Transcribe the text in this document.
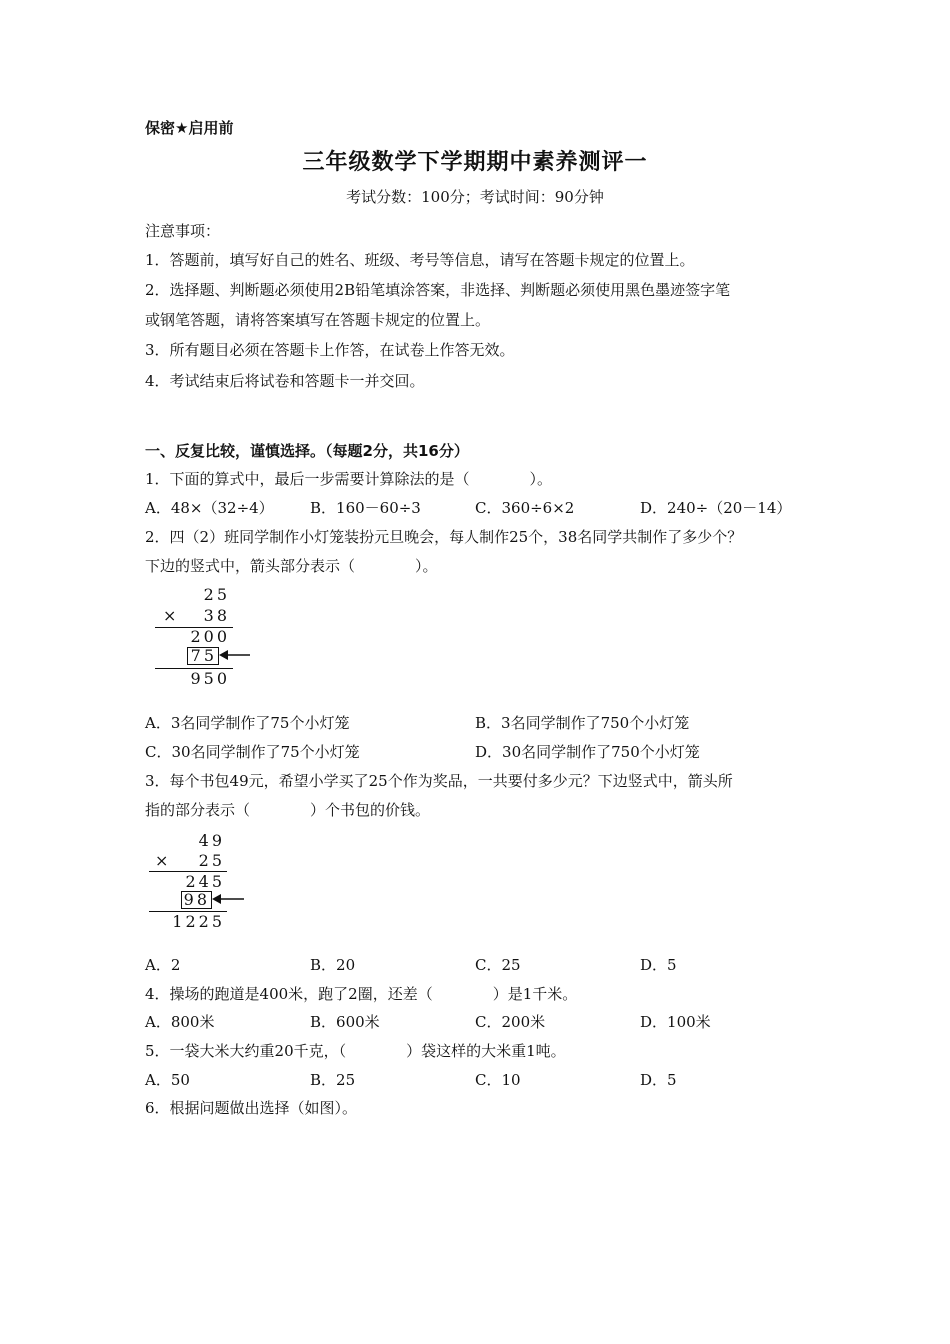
保密★启用前
三年级数学下学期期中素养测评一
考试分数：100分；考试时间：90分钟
注意事项：
1．答题前，填写好自己的姓名、班级、考号等信息，请写在答题卡规定的位置上。
2．选择题、判断题必须使用2B铅笔填涂答案，非选择、判断题必须使用黑色墨迹签字笔
或钢笔答题，请将答案填写在答题卡规定的位置上。
3．所有题目必须在答题卡上作答，在试卷上作答无效。
4．考试结束后将试卷和答题卡一并交回。
一、反复比较，谨慎选择。（每题2分，共16分）
1．下面的算式中，最后一步需要计算除法的是（　　　　）。
A．48×（32÷4） B．160－60÷3	C．360÷6×2	D．240÷（20－14）
2．四（2）班同学制作小灯笼装扮元旦晚会，每人制作25个，38名同学共制作了多少个？
下边的竖式中，箭头部分表示（　　　　）。
25
× 38
200
75
950
A．3名同学制作了75个小灯笼	B．3名同学制作了750个小灯笼
C．30名同学制作了75个小灯笼	D．30名同学制作了750个小灯笼
3．每个书包49元，希望小学买了25个作为奖品，一共要付多少元？下边竖式中，箭头所
指的部分表示（　　　　）个书包的价钱。
49
× 25
245
98
1225
A．2	B．20	C．25	D．5
4．操场的跑道是400米，跑了2圈，还差（　　　　）是1千米。
A．800米	B．600米	C．200米	D．100米
5．一袋大米大约重20千克，（　　　　）袋这样的大米重1吨。
A．50	B．25	C．10	D．5
6．根据问题做出选择（如图）。
